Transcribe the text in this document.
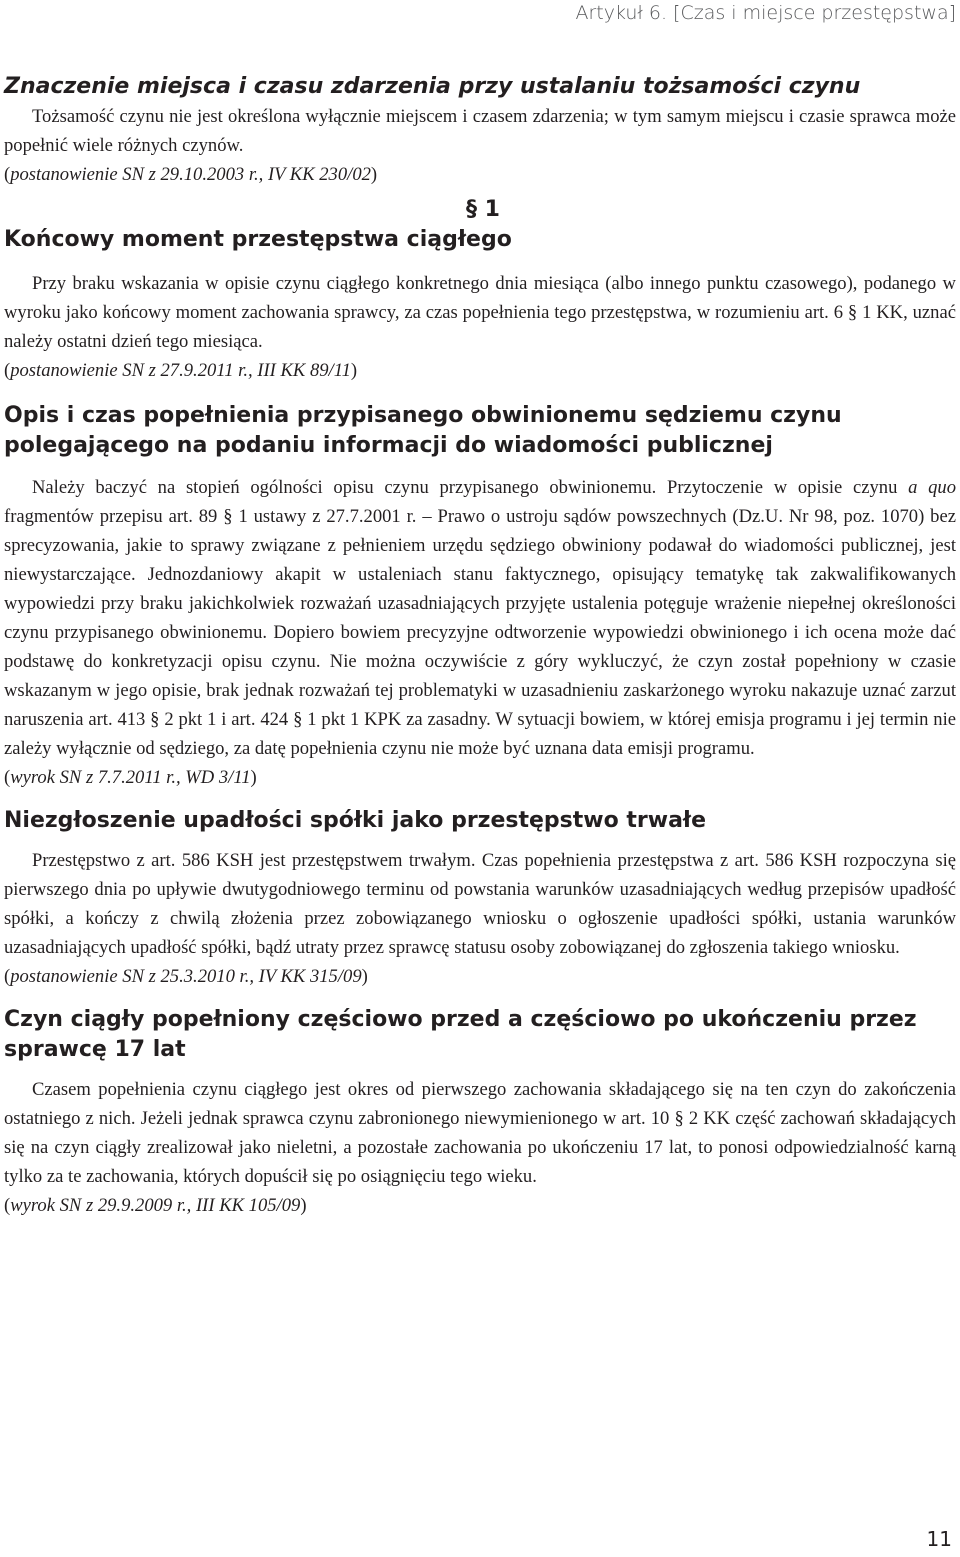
Artykuł 6. [Czas i miejsce przestępstwa]
Znaczenie miejsca i czasu zdarzenia przy ustalaniu tożsamości czynu

Tożsamość czynu nie jest określona wyłącznie miejscem i czasem zdarzenia; w tym samym miejscu i czasie sprawca może popełnić wiele różnych czynów.

(postanowienie SN z 29.10.2003 r., IV KK 230/02)
§ 1
Końcowy moment przestępstwa ciągłego

Przy braku wskazania w opisie czynu ciągłego konkretnego dnia miesiąca (albo innego punktu czasowego), podanego w wyroku jako końcowy moment zachowania sprawcy, za czas popełnienia tego przestępstwa, w rozumieniu art. 6 § 1 KK, uznać należy ostatni dzień tego miesiąca.

(postanowienie SN z 27.9.2011 r., III KK 89/11)
Opis i czas popełnienia przypisanego obwinionemu sędziemu czynu polegającego na podaniu informacji do wiadomości publicznej

Należy baczyć na stopień ogólności opisu czynu przypisanego obwinionemu. Przytoczenie w opisie czynu a quo fragmentów przepisu art. 89 § 1 ustawy z 27.7.2001 r. – Prawo o ustroju sądów powszechnych (Dz.U. Nr 98, poz. 1070) bez sprecyzowania, jakie to sprawy związane z pełnieniem urzędu sędziego obwiniony podawał do wiadomości publicznej, jest niewystarczające. Jednozdaniowy akapit w ustaleniach stanu faktycznego, opisujący tematykę tak zakwalifikowanych wypowiedzi przy braku jakichkolwiek rozważań uzasadniających przyjęte ustalenia potęguje wrażenie niepełnej określoności czynu przypisanego obwinionemu. Dopiero bowiem precyzyjne odtworzenie wypowiedzi obwinionego i ich ocena może dać podstawę do konkretyzacji opisu czynu. Nie można oczywiście z góry wykluczyć, że czyn został popełniony w czasie wskazanym w jego opisie, brak jednak rozważań tej problematyki w uzasadnieniu zaskarżonego wyroku nakazuje uznać zarzut naruszenia art. 413 § 2 pkt 1 i art. 424 § 1 pkt 1 KPK za zasadny. W sytuacji bowiem, w której emisja programu i jej termin nie zależy wyłącznie od sędziego, za datę popełnienia czynu nie może być uznana data emisji programu.

(wyrok SN z 7.7.2011 r., WD 3/11)
Niezgłoszenie upadłości spółki jako przestępstwo trwałe

Przestępstwo z art. 586 KSH jest przestępstwem trwałym. Czas popełnienia przestępstwa z art. 586 KSH rozpoczyna się pierwszego dnia po upływie dwutygodniowego terminu od powstania warunków uzasadniających według przepisów upadłość spółki, a kończy z chwilą złożenia przez zobowiązanego wniosku o ogłoszenie upadłości spółki, ustania warunków uzasadniających upadłość spółki, bądź utraty przez sprawcę statusu osoby zobowiązanej do zgłoszenia takiego wniosku.

(postanowienie SN z 25.3.2010 r., IV KK 315/09)
Czyn ciągły popełniony częściowo przed a częściowo po ukończeniu przez sprawcę 17 lat

Czasem popełnienia czynu ciągłego jest okres od pierwszego zachowania składającego się na ten czyn do zakończenia ostatniego z nich. Jeżeli jednak sprawca czynu zabronionego niewymienionego w art. 10 § 2 KK część zachowań składających się na czyn ciągły zrealizował jako nieletni, a pozostałe zachowania po ukończeniu 17 lat, to ponosi odpowiedzialność karną tylko za te zachowania, których dopuścił się po osiągnięciu tego wieku.

(wyrok SN z 29.9.2009 r., III KK 105/09)
11
